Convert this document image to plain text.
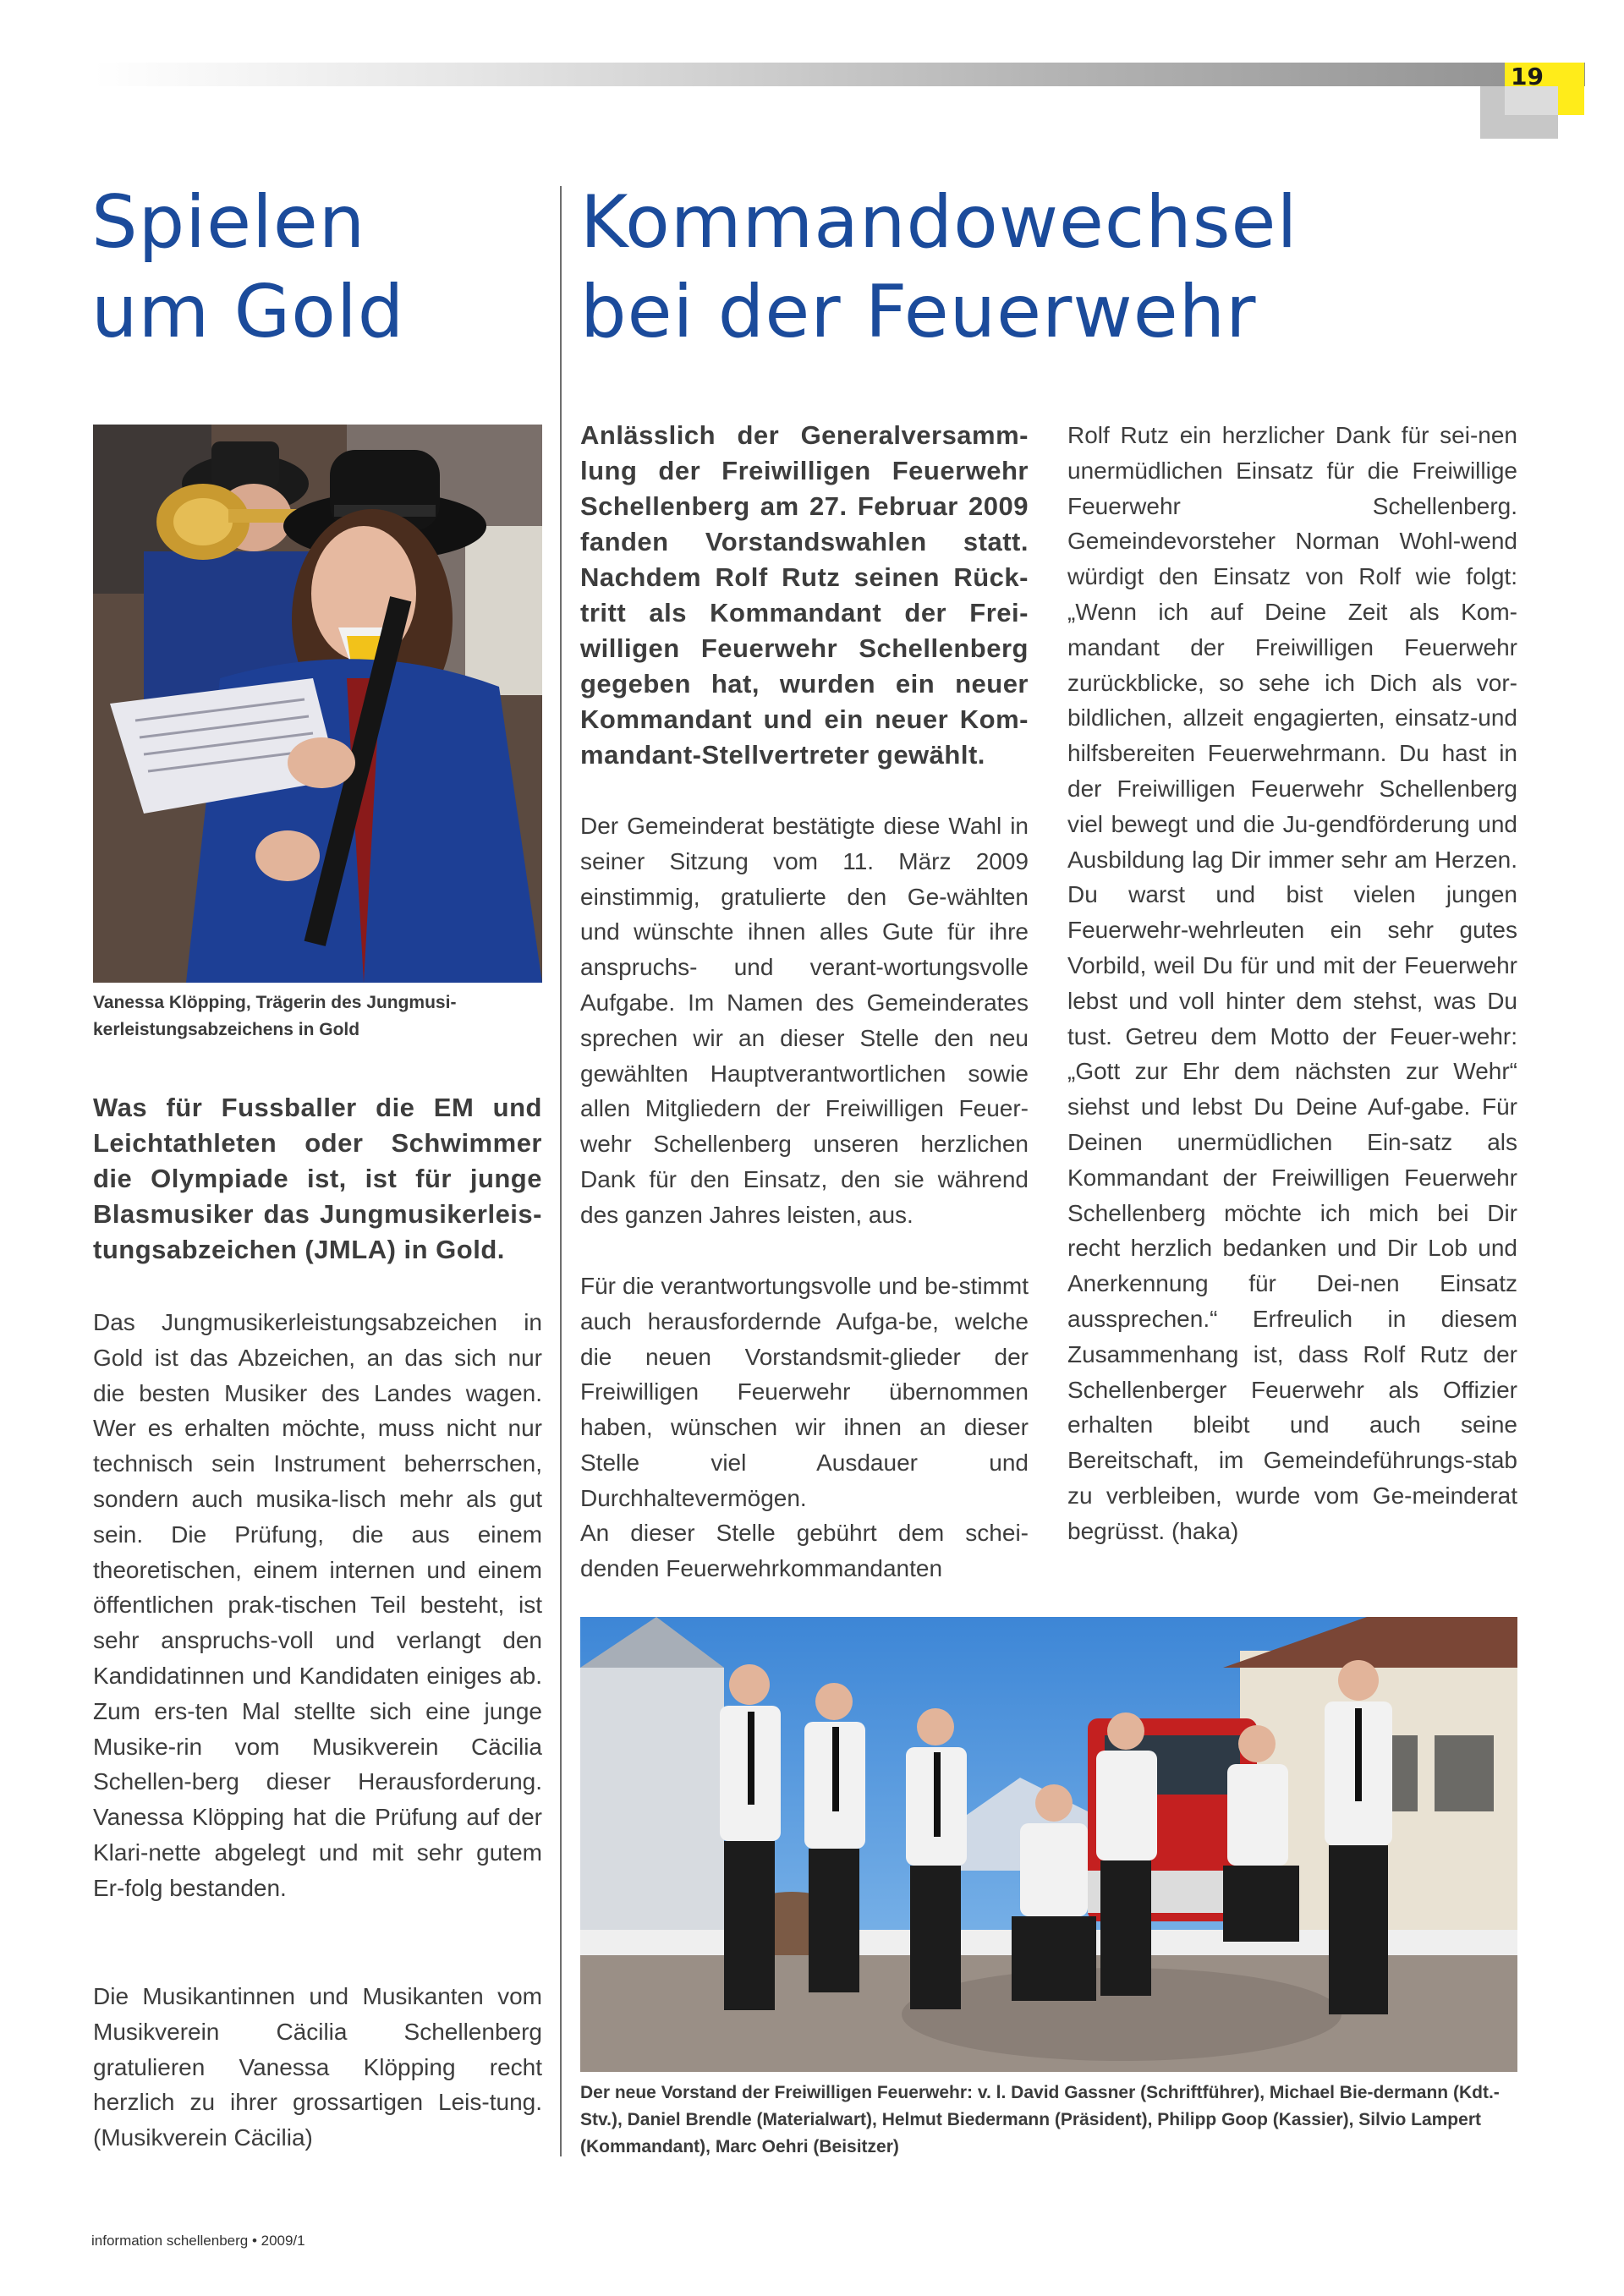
19
Spielen
um Gold
Kommandowechsel
bei der Feuerwehr

Vanessa Klöpping, Trägerin des Jungmusi-kerleistungsabzeichens in Gold

Was für Fussballer die EM und Leichtathleten oder Schwimmer die Olympiade ist, ist für junge Blasmusiker das Jungmusikerleis-tungsabzeichen (JMLA) in Gold.

Das Jungmusikerleistungsabzeichen in Gold ist das Abzeichen, an das sich nur die besten Musiker des Landes wagen. Wer es erhalten möchte, muss nicht nur technisch sein Instrument beherrschen, sondern auch musika-lisch mehr als gut sein. Die Prüfung, die aus einem theoretischen, einem internen und einem öffentlichen prak-tischen Teil besteht, ist sehr anspruchs-voll und verlangt den Kandidatinnen und Kandidaten einiges ab. Zum ers-ten Mal stellte sich eine junge Musike-rin vom Musikverein Cäcilia Schellen-berg dieser Herausforderung. Vanessa Klöpping hat die Prüfung auf der Klari-nette abgelegt und mit sehr gutem Er-folg bestanden.

Die Musikantinnen und Musikanten vom Musikverein Cäcilia Schellenberg gratulieren Vanessa Klöpping recht herzlich zu ihrer grossartigen Leis-tung. (Musikverein Cäcilia)

Anlässlich der Generalversamm-lung der Freiwilligen Feuerwehr Schellenberg am 27. Februar 2009 fanden Vorstandswahlen statt. Nachdem Rolf Rutz seinen Rück-tritt als Kommandant der Frei-willigen Feuerwehr Schellenberg gegeben hat, wurden ein neuer Kommandant und ein neuer Kom-mandant-Stellvertreter gewählt.

Der Gemeinderat bestätigte diese Wahl in seiner Sitzung vom 11. März 2009 einstimmig, gratulierte den Ge-wählten und wünschte ihnen alles Gute für ihre anspruchs- und verant-wortungsvolle Aufgabe. Im Namen des Gemeinderates sprechen wir an dieser Stelle den neu gewählten Hauptverantwortlichen sowie allen Mitgliedern der Freiwilligen Feuer-wehr Schellenberg unseren herzlichen Dank für den Einsatz, den sie während des ganzen Jahres leisten, aus.

Für die verantwortungsvolle und be-stimmt auch herausfordernde Aufga-be, welche die neuen Vorstandsmit-glieder der Freiwilligen Feuerwehr übernommen haben, wünschen wir ihnen an dieser Stelle viel Ausdauer und Durchhaltevermögen.

An dieser Stelle gebührt dem schei-denden Feuerwehrkommandanten

Rolf Rutz ein herzlicher Dank für sei-nen unermüdlichen Einsatz für die Freiwillige Feuerwehr Schellenberg. Gemeindevorsteher Norman Wohl-wend würdigt den Einsatz von Rolf wie folgt: „Wenn ich auf Deine Zeit als Kom-mandant der Freiwilligen Feuerwehr zurückblicke, so sehe ich Dich als vor-bildlichen, allzeit engagierten, einsatz-und hilfsbereiten Feuerwehrmann. Du hast in der Freiwilligen Feuerwehr Schellenberg viel bewegt und die Ju-gendförderung und Ausbildung lag Dir immer sehr am Herzen. Du warst und bist vielen jungen Feuerwehr-wehrleuten ein sehr gutes Vorbild, weil Du für und mit der Feuerwehr lebst und voll hinter dem stehst, was Du tust. Getreu dem Motto der Feuer-wehr: „Gott zur Ehr dem nächsten zur Wehr“ siehst und lebst Du Deine Auf-gabe. Für Deinen unermüdlichen Ein-satz als Kommandant der Freiwilligen Feuerwehr Schellenberg möchte ich mich bei Dir recht herzlich bedanken und Dir Lob und Anerkennung für Dei-nen Einsatz aussprechen.“ Erfreulich in diesem Zusammenhang ist, dass Rolf Rutz der Schellenberger Feuerwehr als Offizier erhalten bleibt und auch seine Bereitschaft, im Gemeindeführungs-stab zu verbleiben, wurde vom Ge-meinderat begrüsst. (haka)

Der neue Vorstand der Freiwilligen Feuerwehr: v. l. David Gassner (Schriftführer), Michael Bie-dermann (Kdt.-Stv.), Daniel Brendle (Materialwart), Helmut Biedermann (Präsident), Philipp Goop (Kassier), Silvio Lampert (Kommandant), Marc Oehri (Beisitzer)

information schellenberg • 2009/1
